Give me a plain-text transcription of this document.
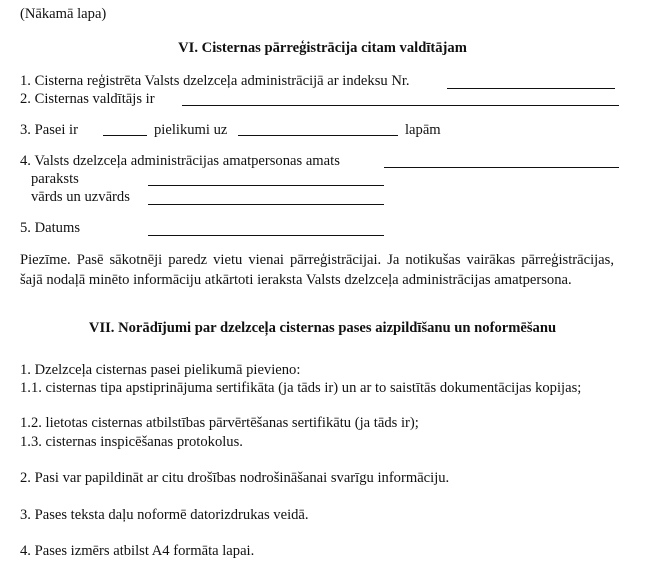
(Nākamā lapa)
VI. Cisternas pārreģistrācija citam valdītājam
1. Cisterna reģistrēta Valsts dzelzceļa administrācijā ar indeksu Nr.
2. Cisternas valdītājs ir
3. Pasei ir	pielikumi uz	lapām
4. Valsts dzelzceļa administrācijas amatpersonas amats
paraksts
vārds un uzvārds
5. Datums
Piezīme. Pasē sākotnēji paredz vietu vienai pārreģistrācijai. Ja notikušas vairākas pārreģistrācijas, šajā nodaļā minēto informāciju atkārtoti ieraksta Valsts dzelzceļa administrācijas amatpersona.
VII. Norādījumi par dzelzceļa cisternas pases aizpildīšanu un noformēšanu
1. Dzelzceļa cisternas pasei pielikumā pievieno:
1.1. cisternas tipa apstiprinājuma sertifikāta (ja tāds ir) un ar to saistītās dokumentācijas kopijas;
1.2. lietotas cisternas atbilstības pārvērtēšanas sertifikātu (ja tāds ir);
1.3. cisternas inspicēšanas protokolus.
2. Pasi var papildināt ar citu drošības nodrošināšanai svarīgu informāciju.
3. Pases teksta daļu noformē datorizdrukas veidā.
4. Pases izmērs atbilst A4 formāta lapai.
